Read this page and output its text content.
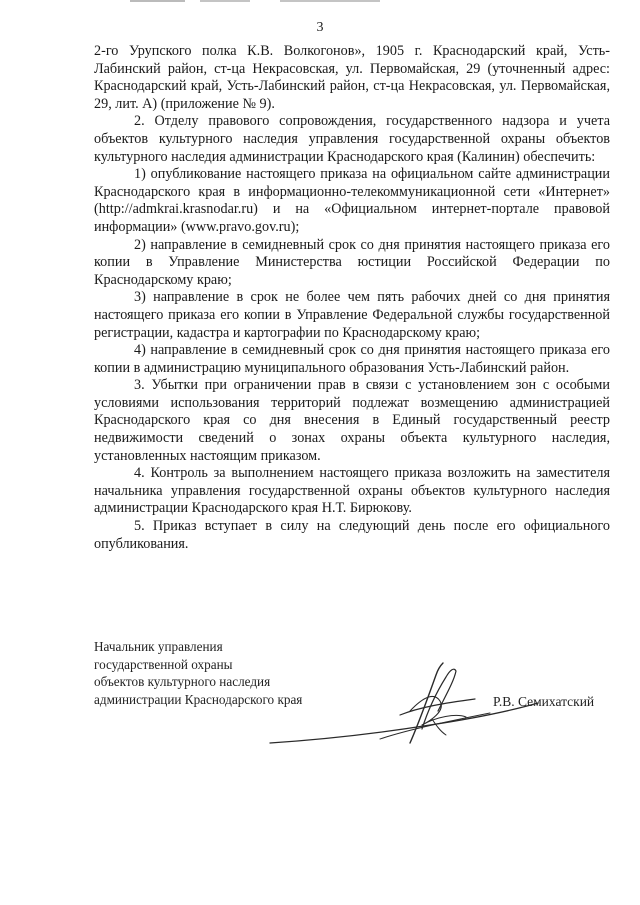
3

2-го Урупского полка К.В. Волкогонов», 1905 г. Краснодарский край, Усть-Лабинский район, ст-ца Некрасовская, ул. Первомайская, 29 (уточненный адрес: Краснодарский край, Усть-Лабинский район, ст-ца Некрасовская, ул. Первомайская, 29, лит. А) (приложение № 9).

2. Отделу правового сопровождения, государственного надзора и учета объектов культурного наследия управления государственной охраны объектов культурного наследия администрации Краснодарского края (Калинин) обеспечить:

1) опубликование настоящего приказа на официальном сайте администрации Краснодарского края в информационно-телекоммуникационной сети «Интернет» (http://admkrai.krasnodar.ru) и на «Официальном интернет-портале правовой информации» (www.pravo.gov.ru);

2) направление в семидневный срок со дня принятия настоящего приказа его копии в Управление Министерства юстиции Российской Федерации по Краснодарскому краю;

3) направление в срок не более чем пять рабочих дней со дня принятия настоящего приказа его копии в Управление Федеральной службы государственной регистрации, кадастра и картографии по Краснодарскому краю;

4) направление в семидневный срок со дня принятия настоящего приказа его копии в администрацию муниципального образования Усть-Лабинский район.

3. Убытки при ограничении прав в связи с установлением зон с особыми условиями использования территорий подлежат возмещению администрацией Краснодарского края со дня внесения в Единый государственный реестр недвижимости сведений о зонах охраны объекта культурного наследия, установленных настоящим приказом.

4. Контроль за выполнением настоящего приказа возложить на заместителя начальника управления государственной охраны объектов культурного наследия администрации Краснодарского края Н.Т. Бирюкову.

5. Приказ вступает в силу на следующий день после его официального опубликования.

Начальник управления
государственной охраны
объектов культурного наследия
администрации Краснодарского края	Р.В. Семихатский
